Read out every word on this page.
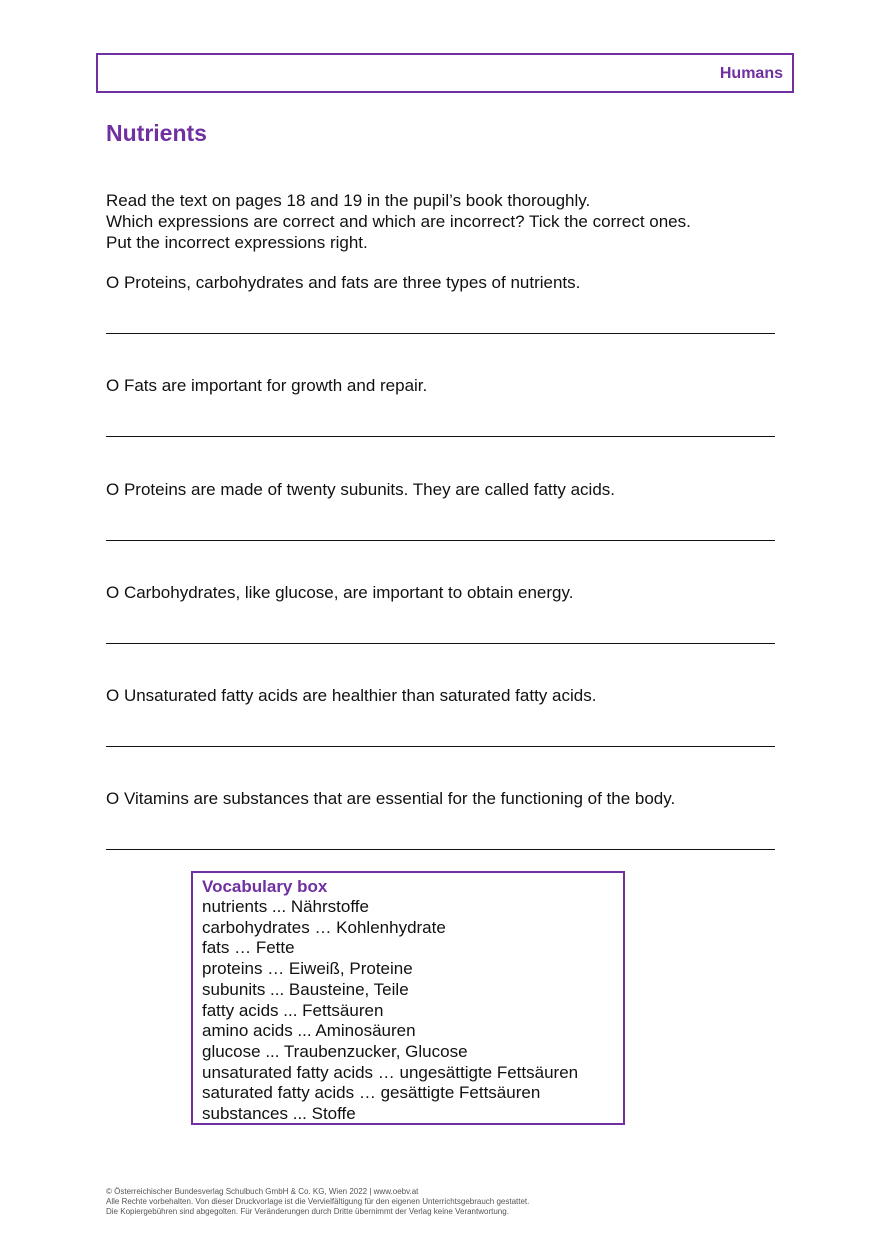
Humans
Nutrients
Read the text on pages 18 and 19 in the pupil’s book thoroughly.
Which expressions are correct and which are incorrect? Tick the correct ones.
Put the incorrect expressions right.
O Proteins, carbohydrates and fats are three types of nutrients.
O Fats are important for growth and repair.
O Proteins are made of twenty subunits. They are called fatty acids.
O Carbohydrates, like glucose, are important to obtain energy.
O Unsaturated fatty acids are healthier than saturated fatty acids.
O Vitamins are substances that are essential for the functioning of the body.
Vocabulary box
nutrients ... Nährstoffe
carbohydrates … Kohlenhydrate
fats … Fette
proteins … Eiweiß, Proteine
subunits ... Bausteine, Teile
fatty acids ... Fettsäuren
amino acids ... Aminosäuren
glucose ... Traubenzucker, Glucose
unsaturated fatty acids … ungesättigte Fettsäuren
saturated fatty acids … gesättigte Fettsäuren
substances ... Stoffe
© Österreichischer Bundesverlag Schulbuch GmbH & Co. KG, Wien 2022 | www.oebv.at
Alle Rechte vorbehalten. Von dieser Druckvorlage ist die Vervielfältigung für den eigenen Unterrichtsgebrauch gestattet.
Die Kopiergebühren sind abgegolten. Für Veränderungen durch Dritte übernimmt der Verlag keine Verantwortung.
